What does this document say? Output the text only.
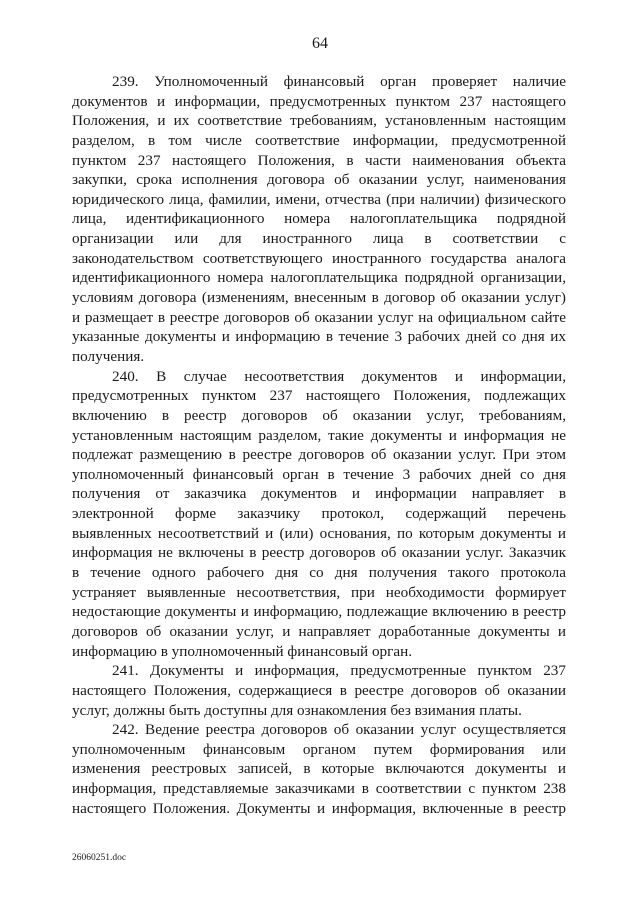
64
239. Уполномоченный финансовый орган проверяет наличие
документов и информации, предусмотренных пунктом 237 настоящего
Положения, и их соответствие требованиям, установленным настоящим
разделом, в том числе соответствие информации, предусмотренной
пунктом 237 настоящего Положения, в части наименования объекта
закупки, срока исполнения договора об оказании услуг, наименования
юридического лица, фамилии, имени, отчества (при наличии) физического
лица, идентификационного номера налогоплательщика подрядной
организации или для иностранного лица в соответствии с
законодательством соответствующего иностранного государства аналога
идентификационного номера налогоплательщика подрядной организации,
условиям договора (изменениям, внесенным в договор об оказании услуг)
и размещает в реестре договоров об оказании услуг на официальном сайте
указанные документы и информацию в течение 3 рабочих дней со дня их
получения.
240. В случае несоответствия документов и информации,
предусмотренных пунктом 237 настоящего Положения, подлежащих
включению в реестр договоров об оказании услуг, требованиям,
установленным настоящим разделом, такие документы и информация не
подлежат размещению в реестре договоров об оказании услуг. При этом
уполномоченный финансовый орган в течение 3 рабочих дней со дня
получения от заказчика документов и информации направляет в
электронной форме заказчику протокол, содержащий перечень
выявленных несоответствий и (или) основания, по которым документы и
информация не включены в реестр договоров об оказании услуг. Заказчик
в течение одного рабочего дня со дня получения такого протокола
устраняет выявленные несоответствия, при необходимости формирует
недостающие документы и информацию, подлежащие включению в реестр
договоров об оказании услуг, и направляет доработанные документы и
информацию в уполномоченный финансовый орган.
241. Документы и информация, предусмотренные пунктом 237
настоящего Положения, содержащиеся в реестре договоров об оказании
услуг, должны быть доступны для ознакомления без взимания платы.
242. Ведение реестра договоров об оказании услуг осуществляется
уполномоченным финансовым органом путем формирования или
изменения реестровых записей, в которые включаются документы и
информация, представляемые заказчиками в соответствии с пунктом 238
настоящего Положения. Документы и информация, включенные в реестр
26060251.doc
